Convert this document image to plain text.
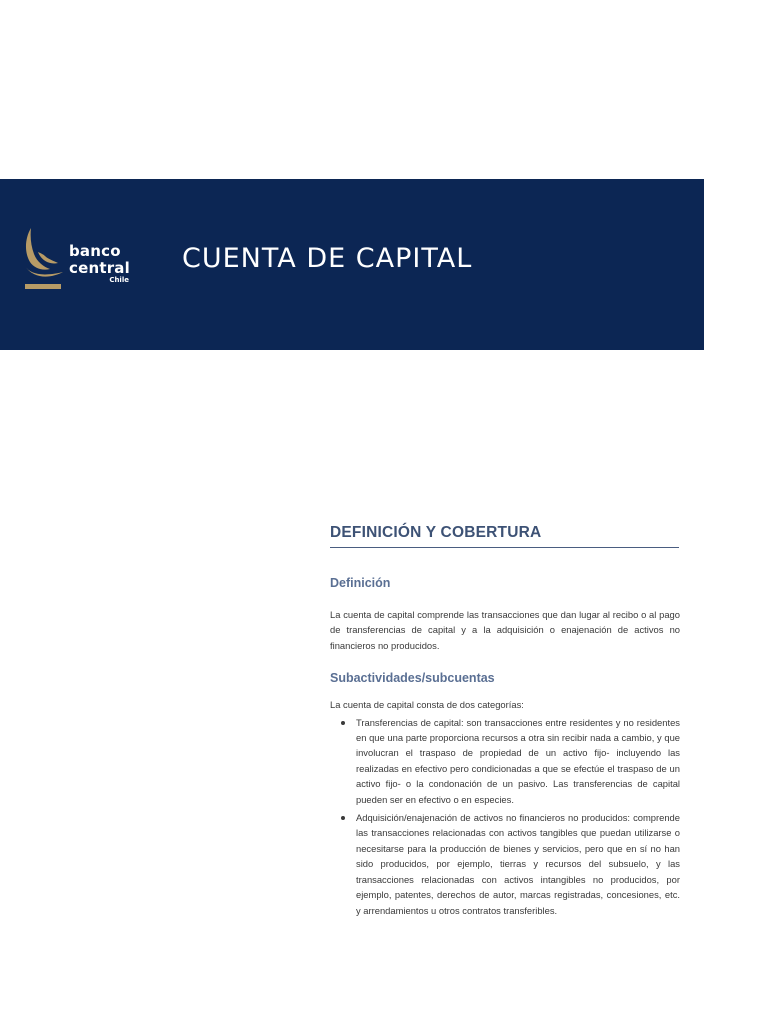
banco
central
Chile
CUENTA DE CAPITAL
DEFINICIÓN Y COBERTURA
Definición

La cuenta de capital comprende las transacciones que dan lugar al recibo o al pago de transferencias de capital y a la adquisición o enajenación de activos no financieros no producidos.

Subactividades/subcuentas

La cuenta de capital consta de dos categorías:

Transferencias de capital: son transacciones entre residentes y no residentes en que una parte proporciona recursos a otra sin recibir nada a cambio, y que involucran el traspaso de propiedad de un activo fijo- incluyendo las realizadas en efectivo pero condicionadas a que se efectúe el traspaso de un activo fijo- o la condonación de un pasivo. Las transferencias de capital pueden ser en efectivo o en especies.
Adquisición/enajenación de activos no financieros no producidos: comprende las transacciones relacionadas con activos tangibles que puedan utilizarse o necesitarse para la producción de bienes y servicios, pero que en sí no han sido producidos, por ejemplo, tierras y recursos del subsuelo, y las transacciones relacionadas con activos intangibles no producidos, por ejemplo, patentes, derechos de autor, marcas registradas, concesiones, etc. y arrendamientos u otros contratos transferibles.
